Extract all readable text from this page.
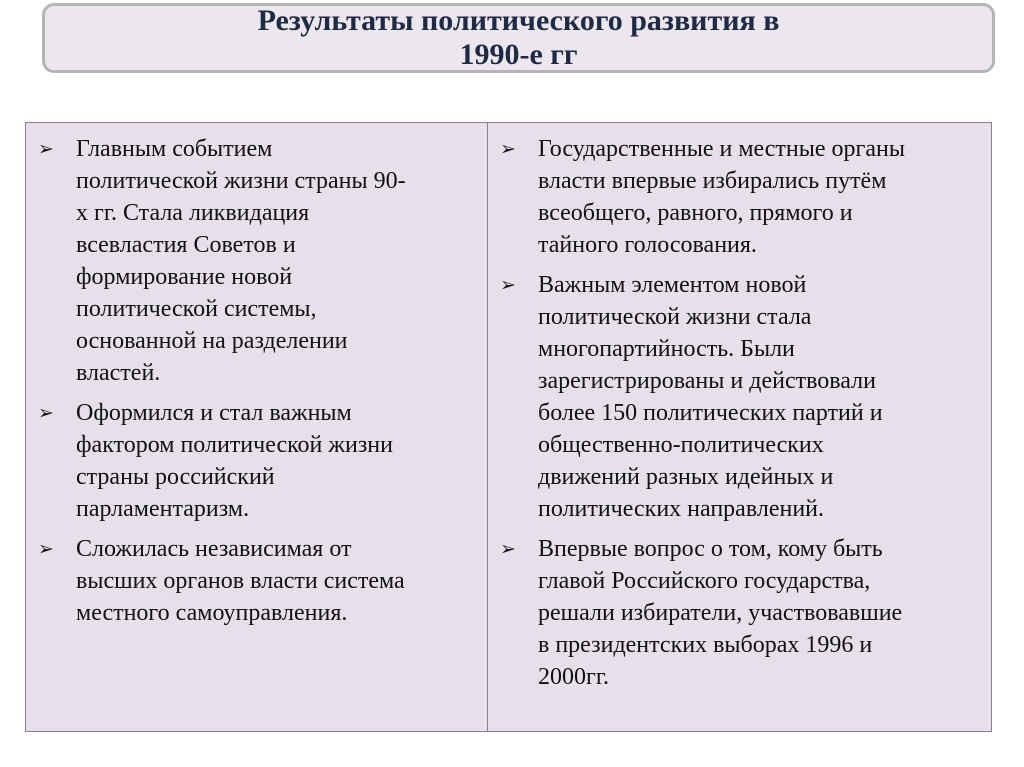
Результаты политического развития в
1990-е гг
➢ Главным событием
политической жизни страны 90-
х гг. Стала ликвидация
всевластия Советов и
формирование новой
политической системы,
основанной на разделении
властей.
➢ Оформился и стал важным
фактором политической жизни
страны российский
парламентаризм.
➢ Сложилась независимая от
высших органов власти система
местного самоуправления.
➢ Государственные и местные органы
власти впервые избирались путём
всеобщего, равного, прямого и
тайного голосования.
➢ Важным элементом новой
политической жизни стала
многопартийность. Были
зарегистрированы и действовали
более 150 политических партий и
общественно-политических
движений разных идейных и
политических направлений.
➢ Впервые вопрос о том, кому быть
главой Российского государства,
решали избиратели, участвовавшие
в президентских выборах 1996 и
2000гг.
